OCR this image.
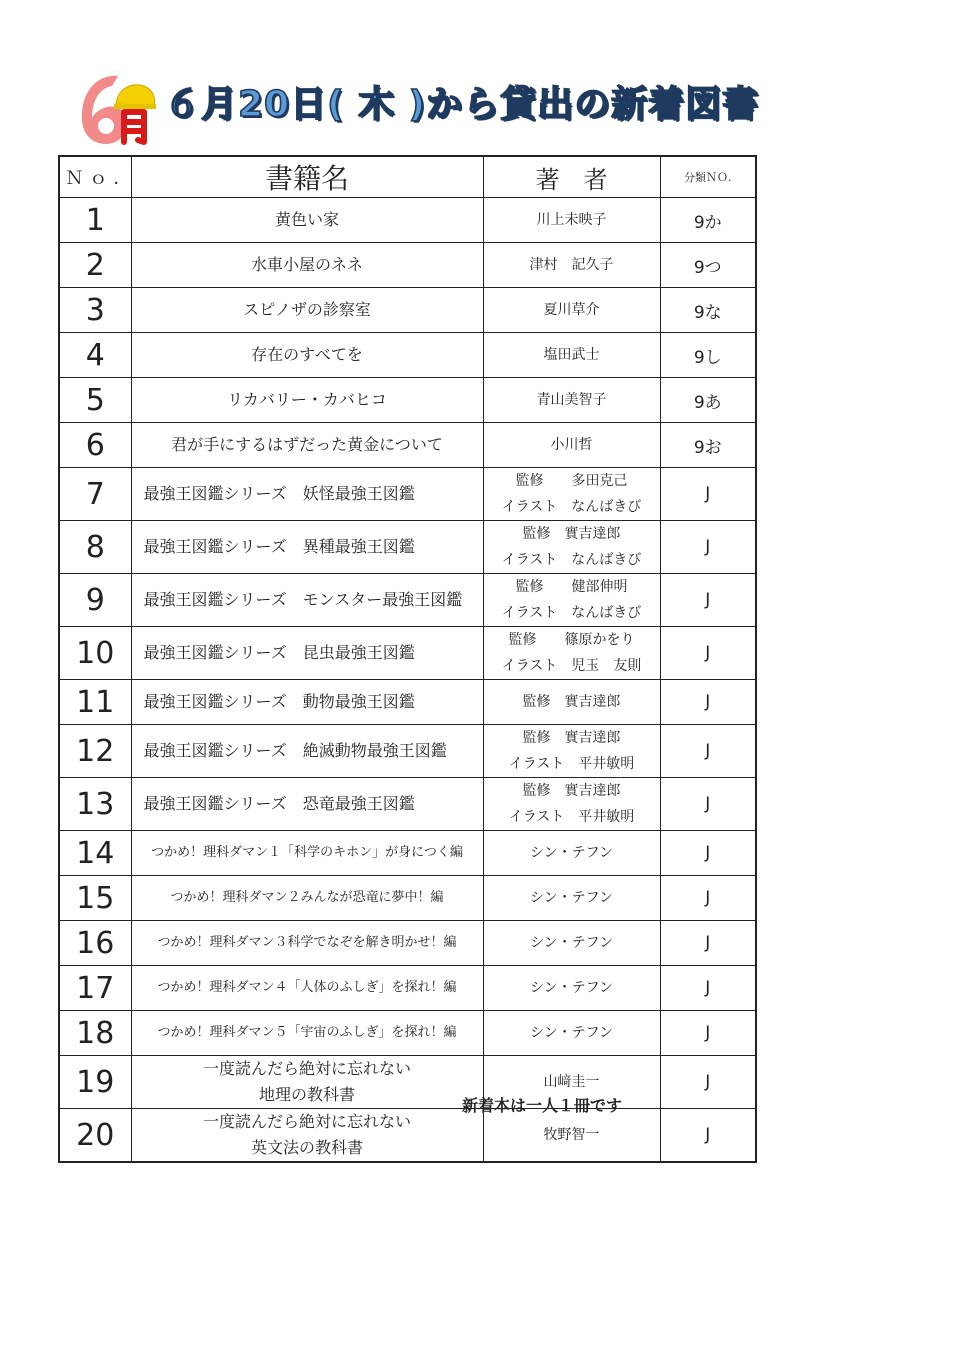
６月20日( 木 )から貸出の新着図書
Ｎｏ.	書籍名	著　者	分類ＮＯ.
1	黄色い家	川上未映子	9か
2	水車小屋のネネ	津村　記久子	9つ
3	スピノザの診察室	夏川草介	9な
4	存在のすべてを	塩田武士	9し
5	リカバリー・カバヒコ	青山美智子	9あ
6	君が手にするはずだった黄金について	小川哲	9お
7	最強王図鑑シリーズ　妖怪最強王図鑑	監修　　多田克己
イラスト　なんばきび	J
8	最強王図鑑シリーズ　異種最強王図鑑	監修　實吉達郎
イラスト　なんばきび	J
9	最強王図鑑シリーズ　モンスター最強王図鑑	監修　　健部伸明
イラスト　なんばきび	J
10	最強王図鑑シリーズ　昆虫最強王図鑑	監修　　篠原かをり
イラスト　児玉　友則	J
11	最強王図鑑シリーズ　動物最強王図鑑	監修　實吉達郎	J
12	最強王図鑑シリーズ　絶滅動物最強王図鑑	監修　實吉達郎
イラスト　平井敏明	J
13	最強王図鑑シリーズ　恐竜最強王図鑑	監修　實吉達郎
イラスト　平井敏明	J
14	つかめ！理科ダマン１「科学のキホン」が身につく編	シン・テフン	J
15	つかめ！理科ダマン２みんなが恐竜に夢中！編	シン・テフン	J
16	つかめ！理科ダマン３科学でなぞを解き明かせ！編	シン・テフン	J
17	つかめ！理科ダマン４「人体のふしぎ」を探れ！編	シン・テフン	J
18	つかめ！理科ダマン５「宇宙のふしぎ」を探れ！編	シン・テフン	J
19	一度読んだら絶対に忘れない
地理の教科書	山﨑圭一	J
20	一度読んだら絶対に忘れない
英文法の教科書	牧野智一	J
新着本は一人１冊です
